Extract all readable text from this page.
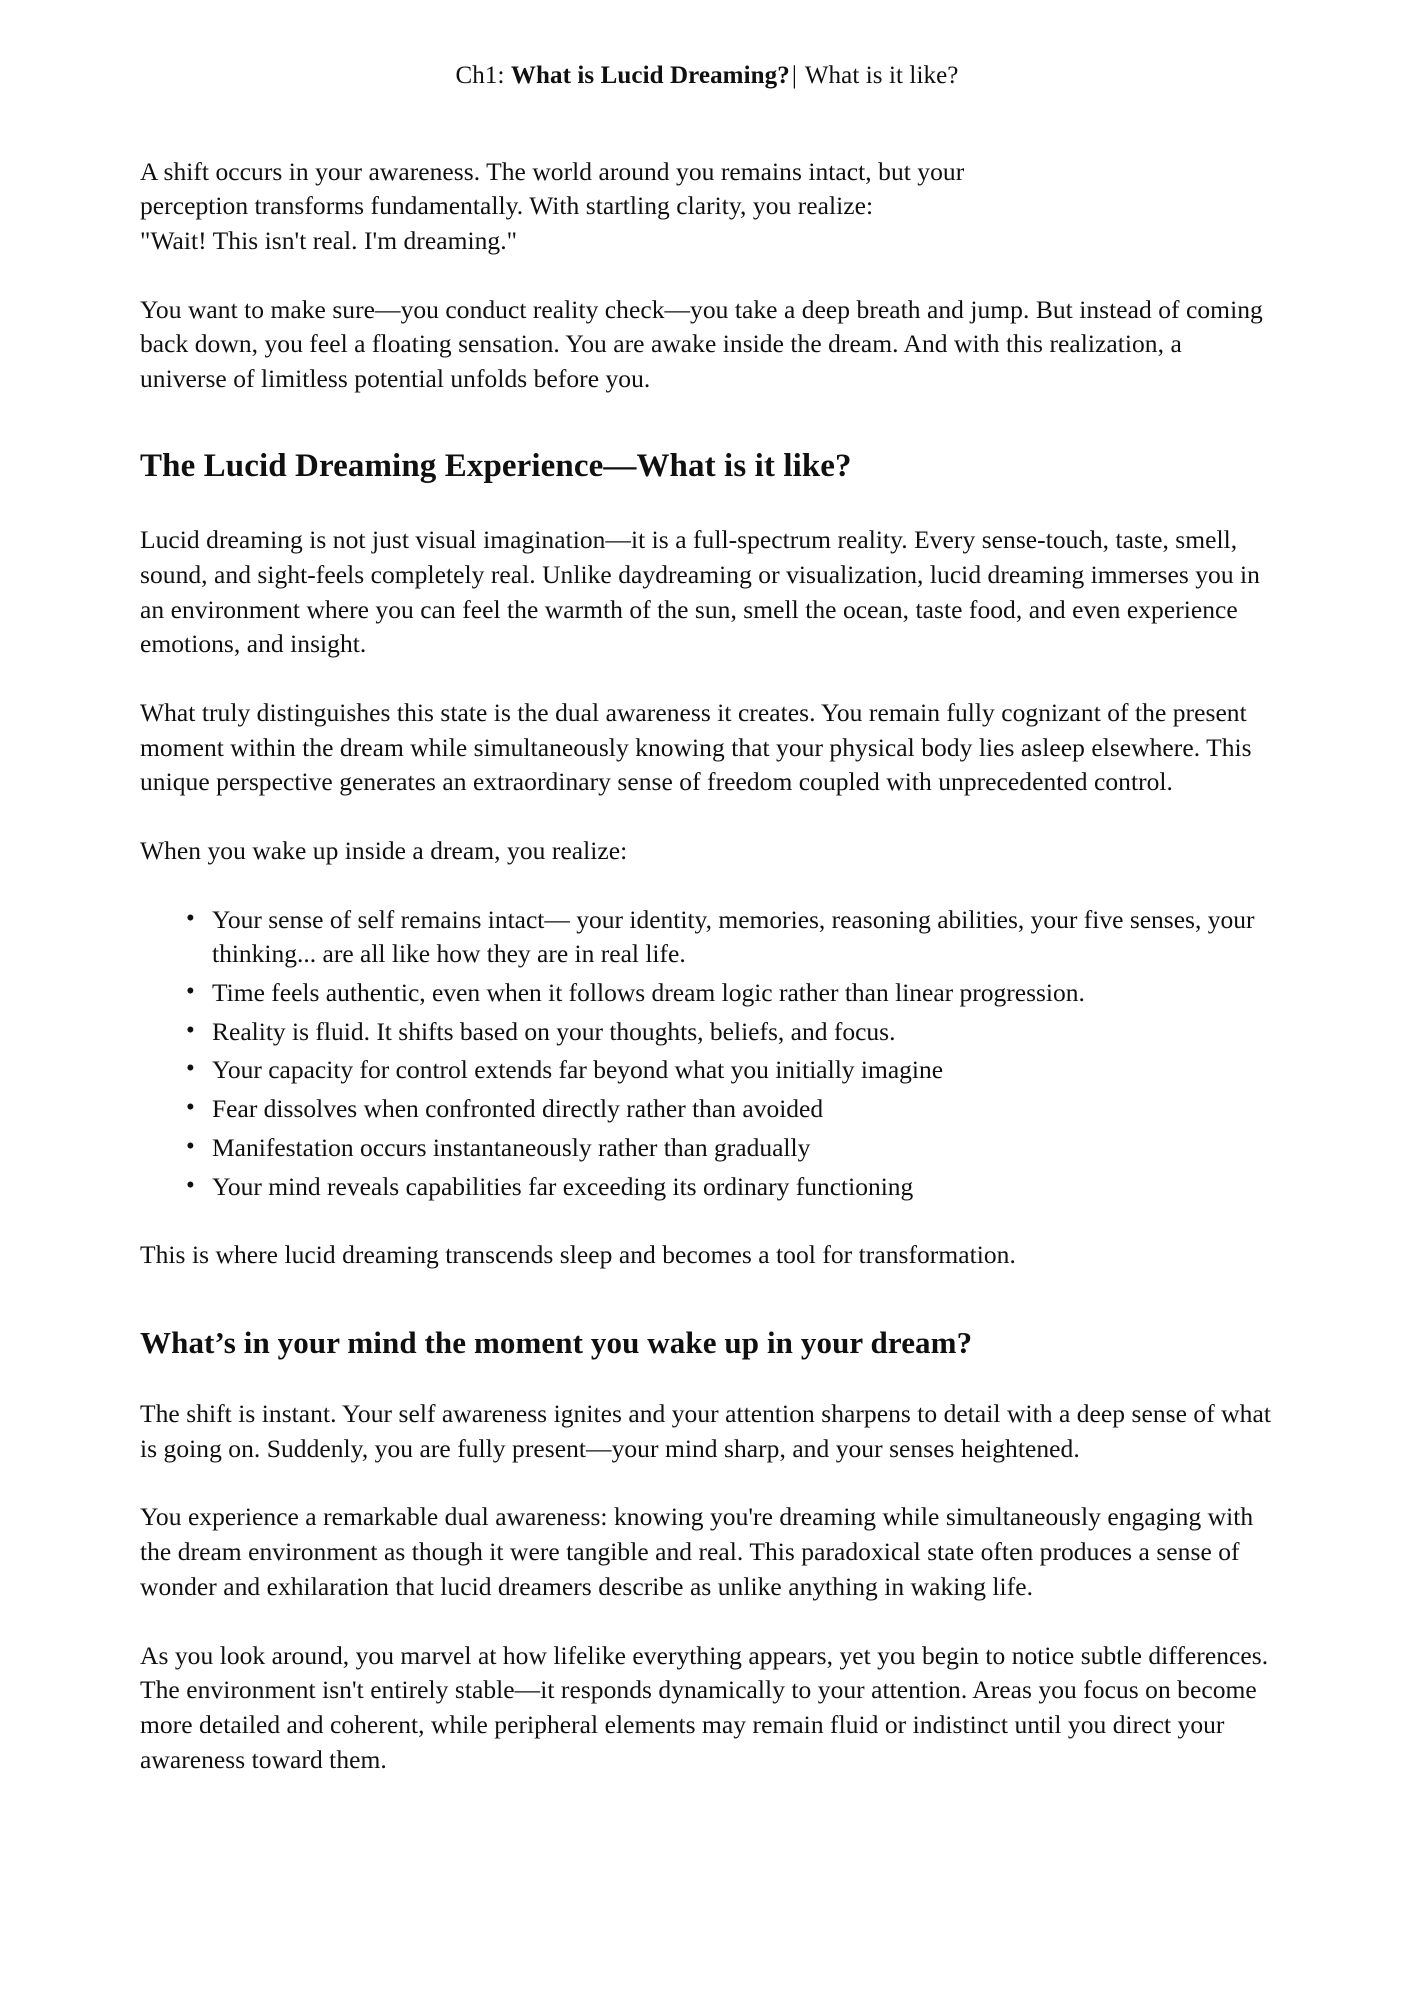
Ch1: What is Lucid Dreaming?| What is it like?

A shift occurs in your awareness. The world around you remains intact, but your
perception transforms fundamentally. With startling clarity, you realize:
"Wait! This isn't real. I'm dreaming."

You want to make sure—you conduct reality check—you take a deep breath and jump. But instead of coming back down, you feel a floating sensation. You are awake inside the dream. And with this realization, a universe of limitless potential unfolds before you.

The Lucid Dreaming Experience—What is it like?

Lucid dreaming is not just visual imagination—it is a full-spectrum reality. Every sense-touch, taste, smell, sound, and sight-feels completely real. Unlike daydreaming or visualization, lucid dreaming immerses you in an environment where you can feel the warmth of the sun, smell the ocean, taste food, and even experience emotions, and insight.

What truly distinguishes this state is the dual awareness it creates. You remain fully cognizant of the present moment within the dream while simultaneously knowing that your physical body lies asleep elsewhere. This unique perspective generates an extraordinary sense of freedom coupled with unprecedented control.

When you wake up inside a dream, you realize:

• Your sense of self remains intact— your identity, memories, reasoning abilities, your five senses, your thinking... are all like how they are in real life.
• Time feels authentic, even when it follows dream logic rather than linear progression.
• Reality is fluid. It shifts based on your thoughts, beliefs, and focus.
• Your capacity for control extends far beyond what you initially imagine
• Fear dissolves when confronted directly rather than avoided
• Manifestation occurs instantaneously rather than gradually
• Your mind reveals capabilities far exceeding its ordinary functioning

This is where lucid dreaming transcends sleep and becomes a tool for transformation.

What’s in your mind the moment you wake up in your dream?

The shift is instant. Your self awareness ignites and your attention sharpens to detail with a deep sense of what is going on. Suddenly, you are fully present—your mind sharp, and your senses heightened.

You experience a remarkable dual awareness: knowing you're dreaming while simultaneously engaging with the dream environment as though it were tangible and real. This paradoxical state often produces a sense of wonder and exhilaration that lucid dreamers describe as unlike anything in waking life.

As you look around, you marvel at how lifelike everything appears, yet you begin to notice subtle differences. The environment isn't entirely stable—it responds dynamically to your attention. Areas you focus on become more detailed and coherent, while peripheral elements may remain fluid or indistinct until you direct your awareness toward them.
